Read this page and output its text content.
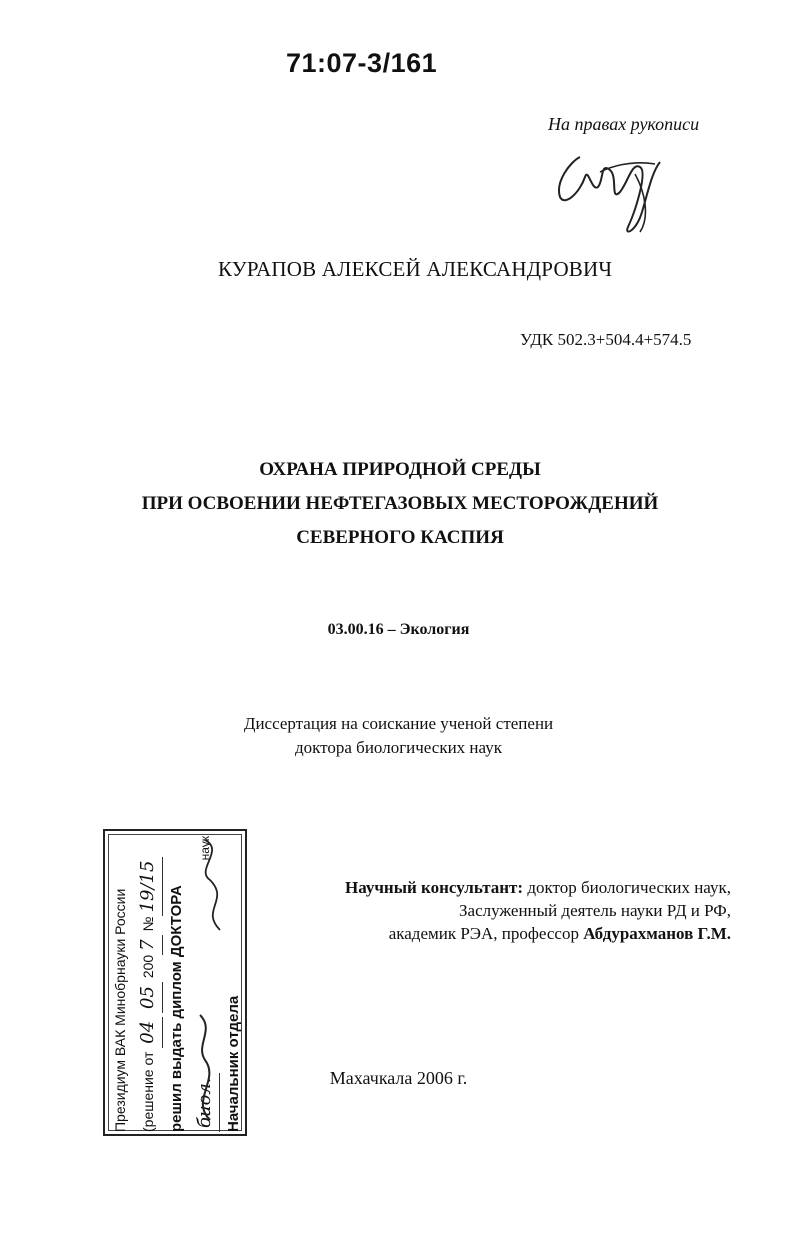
71:07-3/161
На правах рукописи
КУРАПОВ АЛЕКСЕЙ АЛЕКСАНДРОВИЧ
УДК 502.3+504.4+574.5
ОХРАНА ПРИРОДНОЙ СРЕДЫ
ПРИ ОСВОЕНИИ НЕФТЕГАЗОВЫХ МЕСТОРОЖДЕНИЙ
СЕВЕРНОГО КАСПИЯ
03.00.16 – Экология
Диссертация на соискание ученой степени
доктора биологических наук
Научный консультант: доктор биологических наук,
Заслуженный деятель науки РД и РФ,
академик РЭА, профессор Абдурахманов Г.М.
Махачкала 2006 г.
Президиум ВАК Минобрнауки России (решение от

04

05

200
7

№
19/15 решил выдать диплом ДОКТОРА биол.
наук
Начальник отдела
